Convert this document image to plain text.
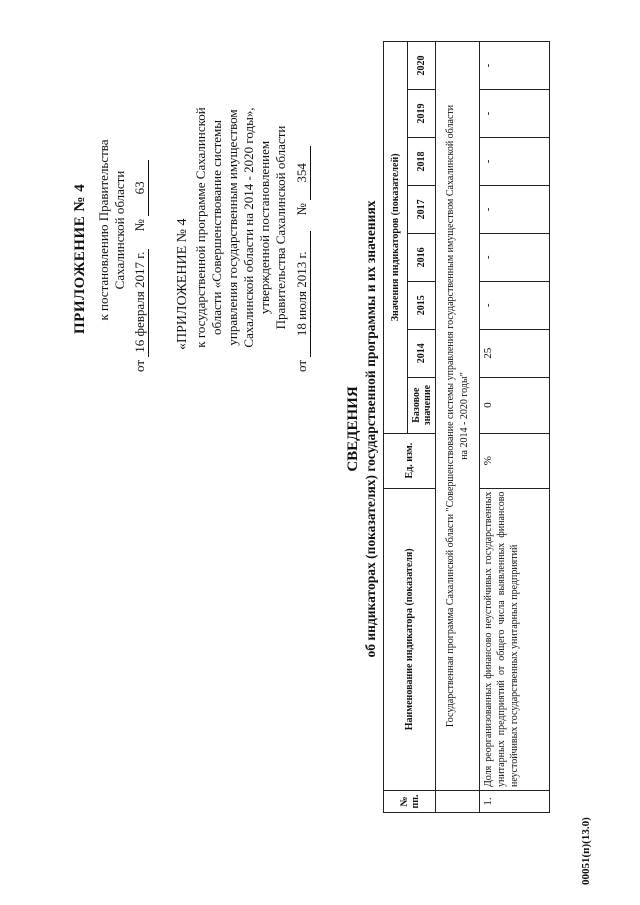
ПРИЛОЖЕНИЕ № 4 к постановлению Правительства Сахалинской области
от 16 февраля 2017 г. № 63
«ПРИЛОЖЕНИЕ № 4 к государственной программе Сахалинской области «Совершенствование системы управления государственным имуществом Сахалинской области на 2014 - 2020 годы», утвержденной постановлением Правительства Сахалинской области
от 18 июля 2013 г. № 354
СВЕДЕНИЯ об индикаторах (показателях) государственной программы и их значениях
№ пп.	Наименование индикатора (показателя)	Ед. изм.	Значения индикаторов (показателей)							
			Базовое значение	2014	2015	2016	2017	2018	2019	2020
	Государственная программа Сахалинской области "Совершенствование системы управления государственным имуществом Сахалинской области на 2014 - 2020 годы"									
1.	Доля реорганизованных финансово неустойчивых государственных унитарных предприятий от общего числа выявленных финансово неустойчивых государственных унитарных предприятий	%	0	25	-	-	-	-	-	-
00051(п)(13.0)
